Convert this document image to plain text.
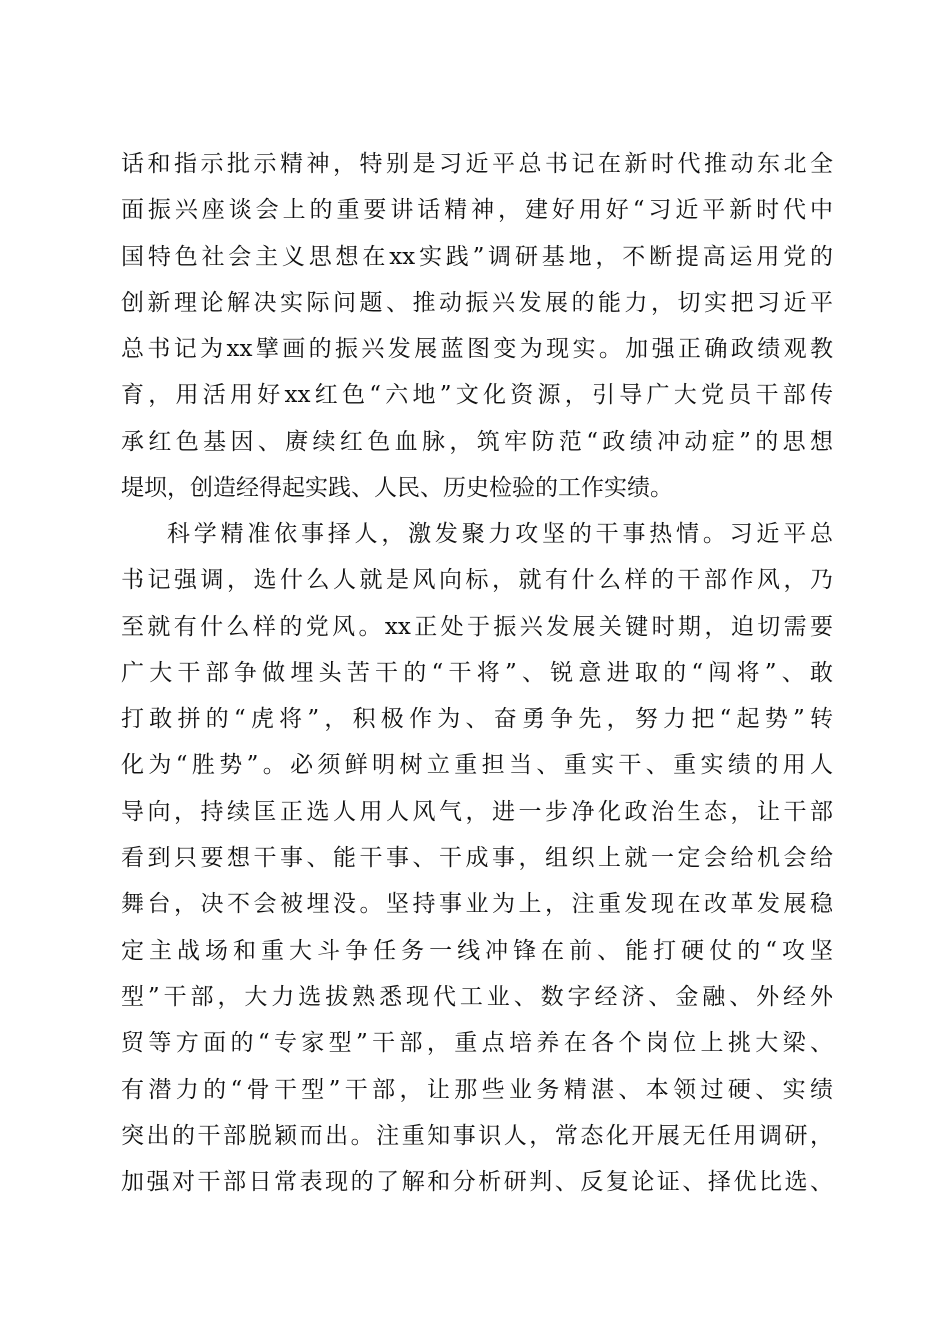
话和指示批示精神，特别是习近平总书记在新时代推动东北全
面振兴座谈会上的重要讲话精神，建好用好“习近平新时代中
国特色社会主义思想在xx实践”调研基地，不断提高运用党的
创新理论解决实际问题、推动振兴发展的能力，切实把习近平
总书记为xx擘画的振兴发展蓝图变为现实。加强正确政绩观教
育，用活用好xx红色“六地”文化资源，引导广大党员干部传
承红色基因、赓续红色血脉，筑牢防范“政绩冲动症”的思想
堤坝，创造经得起实践、人民、历史检验的工作实绩。
科学精准依事择人，激发聚力攻坚的干事热情。习近平总
书记强调，选什么人就是风向标，就有什么样的干部作风，乃
至就有什么样的党风。xx正处于振兴发展关键时期，迫切需要
广大干部争做埋头苦干的“干将”、锐意进取的“闯将”、敢
打敢拼的“虎将”，积极作为、奋勇争先，努力把“起势”转
化为“胜势”。必须鲜明树立重担当、重实干、重实绩的用人
导向，持续匡正选人用人风气，进一步净化政治生态，让干部
看到只要想干事、能干事、干成事，组织上就一定会给机会给
舞台，决不会被埋没。坚持事业为上，注重发现在改革发展稳
定主战场和重大斗争任务一线冲锋在前、能打硬仗的“攻坚
型”干部，大力选拔熟悉现代工业、数字经济、金融、外经外
贸等方面的“专家型”干部，重点培养在各个岗位上挑大梁、
有潜力的“骨干型”干部，让那些业务精湛、本领过硬、实绩
突出的干部脱颖而出。注重知事识人，常态化开展无任用调研，
加强对干部日常表现的了解和分析研判、反复论证、择优比选、
